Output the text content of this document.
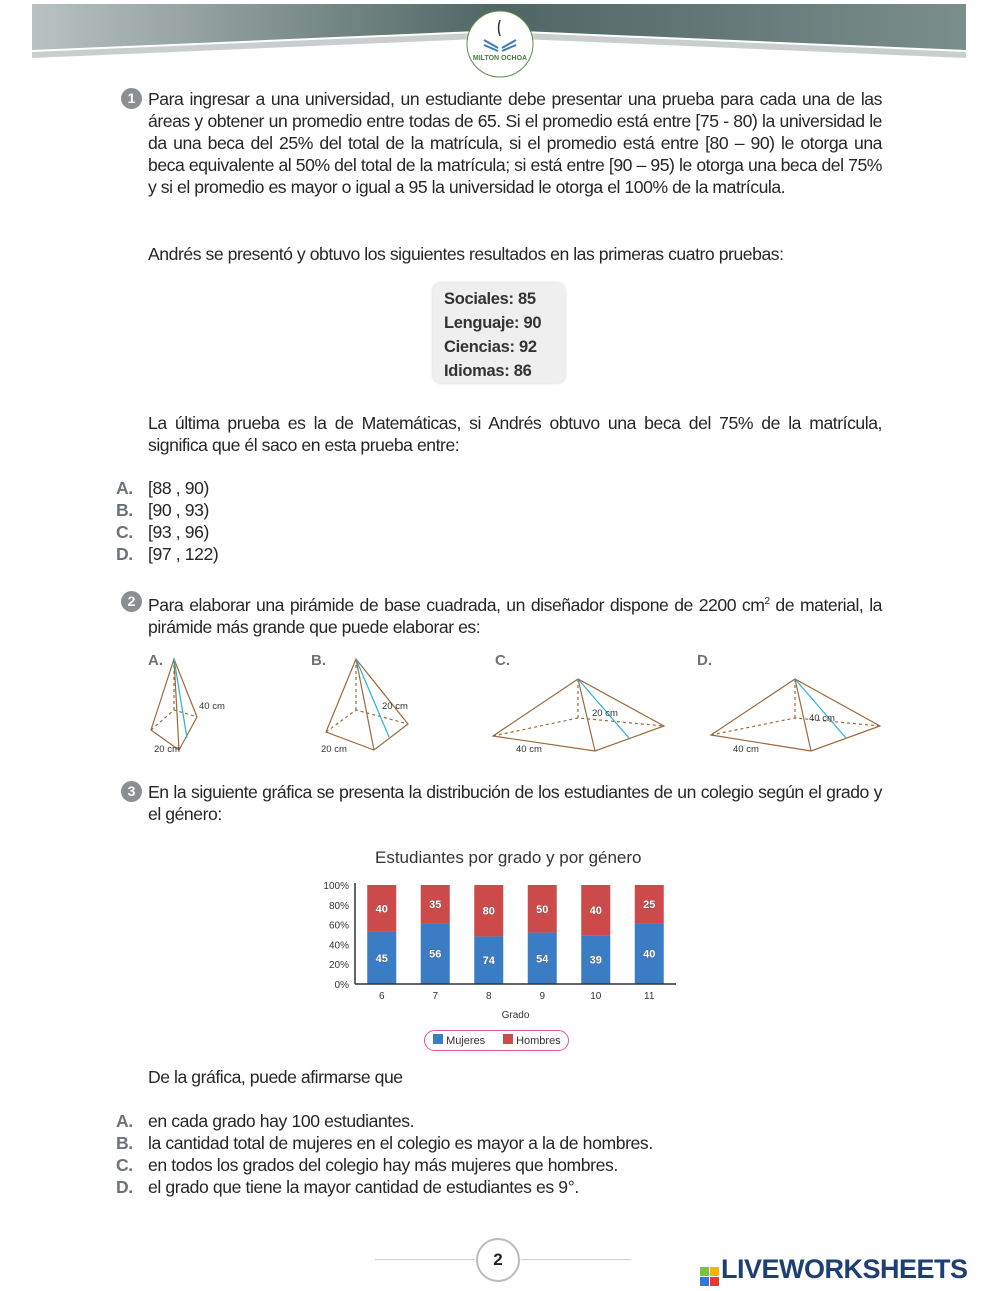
MILTON OCHOA
1 Para ingresar a una universidad, un estudiante debe presentar una prueba para cada una de las áreas y obtener un promedio entre todas de 65. Si el promedio está entre [75 - 80) la universidad le da una beca del 25% del total de la matrícula, si el promedio está entre [80 – 90) le otorga una beca equivalente al 50% del total de la matrícula; si está entre [90 – 95) le otorga una beca del 75% y si el promedio es mayor o igual a 95 la universidad le otorga el 100% de la matrícula.
Andrés se presentó y obtuvo los siguientes resultados en las primeras cuatro pruebas:
Sociales: 85
Lenguaje: 90
Ciencias: 92
Idiomas: 86
La última prueba es la de Matemáticas, si Andrés obtuvo una beca del 75% de la matrícula, significa que él saco en esta prueba entre:
A. [88 , 90)
B. [90 , 93)
C. [93 , 96)
D. [97 , 122)
2 Para elaborar una pirámide de base cuadrada, un diseñador dispone de 2200 $cm^2$ de material, la pirámide más grande que puede elaborar es:
A.	B.	C.	D.
40 cm
20 cm
20 cm
20 cm
20 cm
40 cm
40 cm
40 cm
3 En la siguiente gráfica se presenta la distribución de los estudiantes de un colegio según el grado y el género:
Estudiantes por grado y por género
0%
20%
40%
60%
80%
100%
45
40
6
56
35
7
74
80
8
54
50
9
39
40
10
40
25
11
Grado
Mujeres	Hombres
De la gráfica, puede afirmarse que
A. en cada grado hay 100 estudiantes.
B. la cantidad total de mujeres en el colegio es mayor a la de hombres.
C. en todos los grados del colegio hay más mujeres que hombres.
D. el grado que tiene la mayor cantidad de estudiantes es 9°.
2	LIVEWORKSHEETS
